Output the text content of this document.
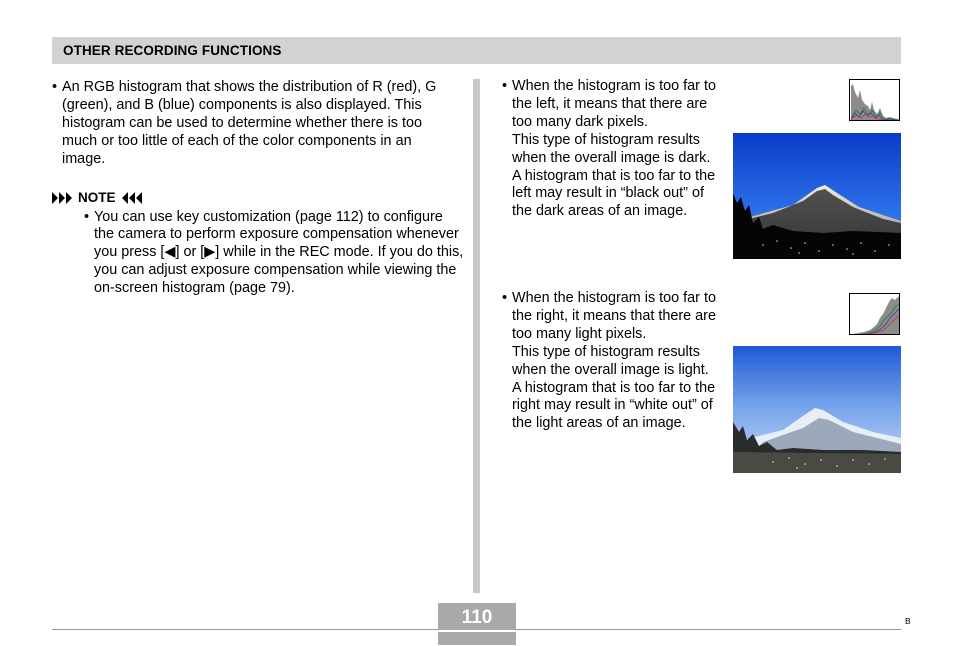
OTHER RECORDING FUNCTIONS
• An RGB histogram that shows the distribution of R (red), G (green), and B (blue) components is also displayed. This histogram can be used to determine whether there is too much or too little of each of the color components in an image.
NOTE
• You can use key customization (page 112) to configure the camera to perform exposure compensation whenever you press [◀] or [▶] while in the REC mode. If you do this, you can adjust exposure compensation while viewing the on-screen histogram (page 79).
• When the histogram is too far to the left, it means that there are too many dark pixels.
This type of histogram results when the overall image is dark. A histogram that is too far to the left may result in “black out” of the dark areas of an image.
• When the histogram is too far to the right, it means that there are too many light pixels.
This type of histogram results when the overall image is light. A histogram that is too far to the right may result in “white out” of the light areas of an image.
110	B
